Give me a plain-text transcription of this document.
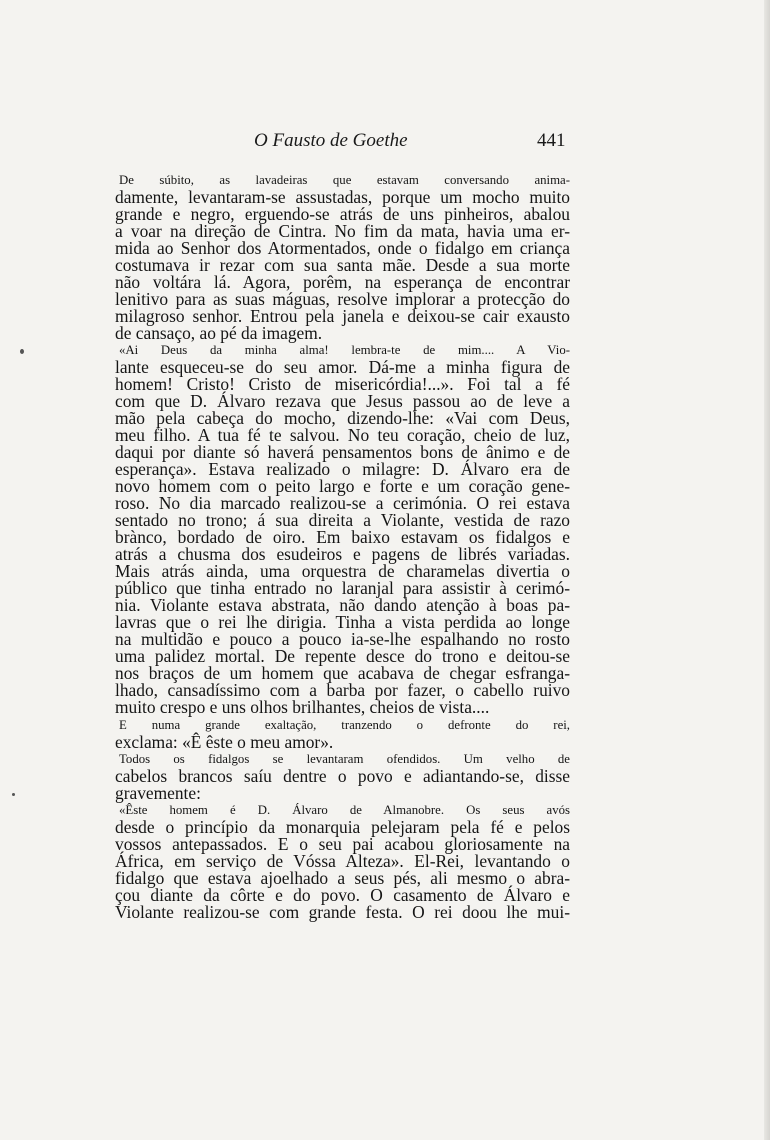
O Fausto de Goethe	441
De súbito, as lavadeiras que estavam conversando anima-
damente, levantaram-se assustadas, porque um mocho muito
grande e negro, erguendo-se atrás de uns pinheiros, abalou
a voar na direção de Cintra. No fim da mata, havia uma er-
mida ao Senhor dos Atormentados, onde o fidalgo em criança
costumava ir rezar com sua santa mãe. Desde a sua morte
não voltára lá. Agora, porêm, na esperança de encontrar
lenitivo para as suas máguas, resolve implorar a protecção do
milagroso senhor. Entrou pela janela e deixou-se cair exausto
de cansaço, ao pé da imagem.
«Ai Deus da minha alma! lembra-te de mim.... A Vio-
lante esqueceu-se do seu amor. Dá-me a minha figura de
homem! Cristo! Cristo de misericórdia!...». Foi tal a fé
com que D. Álvaro rezava que Jesus passou ao de leve a
mão pela cabeça do mocho, dizendo-lhe: «Vai com Deus,
meu filho. A tua fé te salvou. No teu coração, cheio de luz,
daqui por diante só haverá pensamentos bons de ânimo e de
esperança». Estava realizado o milagre: D. Álvaro era de
novo homem com o peito largo e forte e um coração gene-
roso. No dia marcado realizou-se a cerimónia. O rei estava
sentado no trono; á sua direita a Violante, vestida de razo
brànco, bordado de oiro. Em baixo estavam os fidalgos e
atrás a chusma dos esudeiros e pagens de librés variadas.
Mais atrás ainda, uma orquestra de charamelas divertia o
público que tinha entrado no laranjal para assistir à cerimó-
nia. Violante estava abstrata, não dando atenção à boas pa-
lavras que o rei lhe dirigia. Tinha a vista perdida ao longe
na multidão e pouco a pouco ia-se-lhe espalhando no rosto
uma palidez mortal. De repente desce do trono e deitou-se
nos braços de um homem que acabava de chegar esfranga-
lhado, cansadíssimo com a barba por fazer, o cabello ruivo
muito crespo e uns olhos brilhantes, cheios de vista....
E numa grande exaltação, tranzendo o defronte do rei,
exclama: «Ê êste o meu amor».
Todos os fidalgos se levantaram ofendidos. Um velho de
cabelos brancos saíu dentre o povo e adiantando-se, disse
gravemente:
«Êste homem é D. Álvaro de Almanobre. Os seus avós
desde o princípio da monarquia pelejaram pela fé e pelos
vossos antepassados. E o seu pai acabou gloriosamente na
África, em serviço de Vóssa Alteza». El-Rei, levantando o
fidalgo que estava ajoelhado a seus pés, ali mesmo o abra-
çou diante da côrte e do povo. O casamento de Álvaro e
Violante realizou-se com grande festa. O rei doou lhe mui-
